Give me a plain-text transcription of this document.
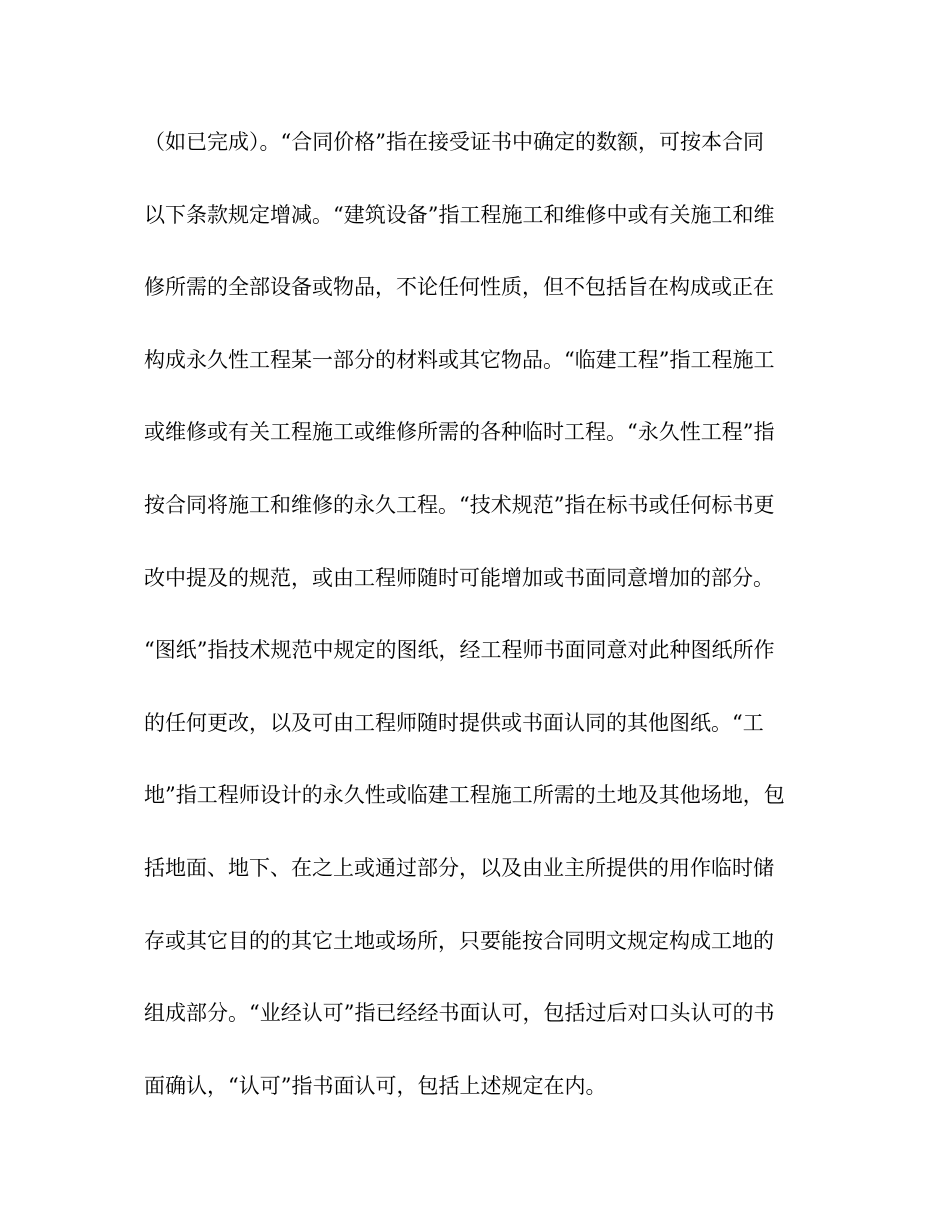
（如已完成）。“合同价格”指在接受证书中确定的数额，可按本合同
以下条款规定增减。“建筑设备”指工程施工和维修中或有关施工和维
修所需的全部设备或物品，不论任何性质，但不包括旨在构成或正在
构成永久性工程某一部分的材料或其它物品。“临建工程”指工程施工
或维修或有关工程施工或维修所需的各种临时工程。“永久性工程”指
按合同将施工和维修的永久工程。“技术规范”指在标书或任何标书更
改中提及的规范，或由工程师随时可能增加或书面同意增加的部分。
“图纸”指技术规范中规定的图纸，经工程师书面同意对此种图纸所作
的任何更改，以及可由工程师随时提供或书面认同的其他图纸。“工
地”指工程师设计的永久性或临建工程施工所需的土地及其他场地，包
括地面、地下、在之上或通过部分，以及由业主所提供的用作临时储
存或其它目的的其它土地或场所，只要能按合同明文规定构成工地的
组成部分。“业经认可”指已经经书面认可，包括过后对口头认可的书
面确认，“认可”指书面认可，包括上述规定在内。
